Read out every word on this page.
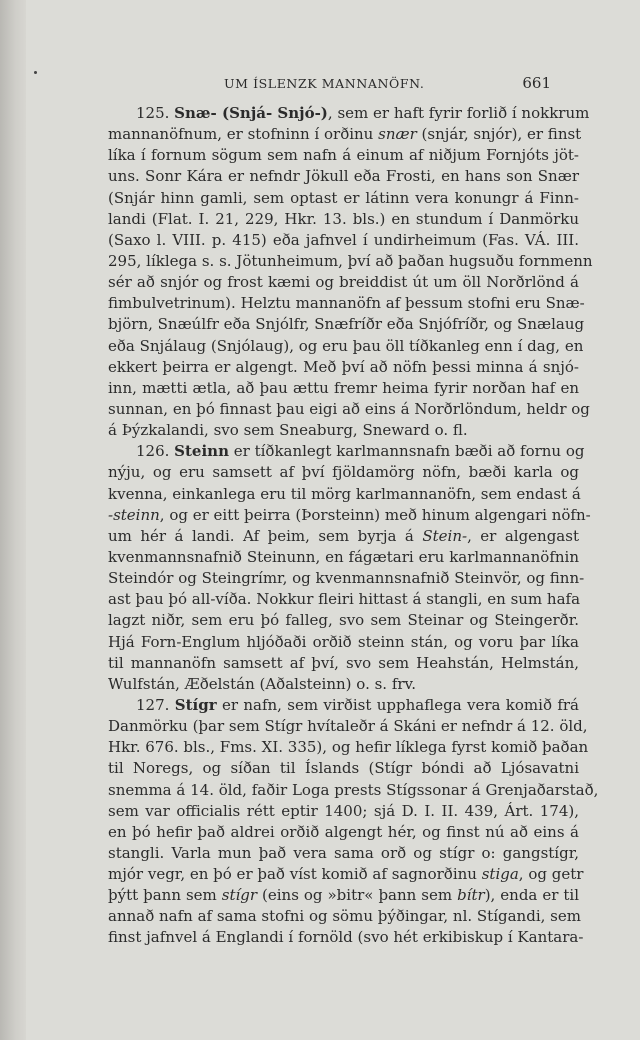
UM ÍSLENZK MANNANÖFN.	661
125. Snæ- (Snjá- Snjó-), sem er haft fyrir forlið í nokkrum
mannanöfnum, er stofninn í orðinu snær (snjár, snjór), er finst
líka í fornum sögum sem nafn á einum af niðjum Fornjóts jöt-
uns. Sonr Kára er nefndr Jökull eða Frosti, en hans son Snær
(Snjár hinn gamli, sem optast er látinn vera konungr á Finn-
landi (Flat. I. 21, 229, Hkr. 13. bls.) en stundum í Danmörku
(Saxo l. VIII. p. 415) eða jafnvel í undirheimum (Fas. VÁ. III.
295, líklega s. s. Jötunheimum, því að þaðan hugsuðu fornmenn
sér að snjór og frost kæmi og breiddist út um öll Norðrlönd á
fimbulvetrinum). Helztu mannanöfn af þessum stofni eru Snæ-
björn, Snæúlfr eða Snjólfr, Snæfríðr eða Snjófríðr, og Snælaug
eða Snjálaug (Snjólaug), og eru þau öll tíðkanleg enn í dag, en
ekkert þeirra er algengt. Með því að nöfn þessi minna á snjó-
inn, mætti ætla, að þau ættu fremr heima fyrir norðan haf en
sunnan, en þó finnast þau eigi að eins á Norðrlöndum, heldr og
á Þýzkalandi, svo sem Sneaburg, Sneward o. fl.
126. Steinn er tíðkanlegt karlmannsnafn bæði að fornu og
nýju, og eru samsett af því fjöldamörg nöfn, bæði karla og
kvenna, einkanlega eru til mörg karlmannanöfn, sem endast á
-steinn, og er eitt þeirra (Þorsteinn) með hinum algengari nöfn-
um hér á landi. Af þeim, sem byrja á Stein-, er algengast
kvenmannsnafnið Steinunn, en fágætari eru karlmannanöfnin
Steindór og Steingrímr, og kvenmannsnafnið Steinvör, og finn-
ast þau þó all-víða. Nokkur fleiri hittast á stangli, en sum hafa
lagzt niðr, sem eru þó falleg, svo sem Steinar og Steingerðr.
Hjá Forn-Englum hljóðaði orðið steinn stán, og voru þar líka
til mannanöfn samsett af því, svo sem Heahstán, Helmstán,
Wulfstán, Æðelstán (Aðalsteinn) o. s. frv.
127. Stígr er nafn, sem virðist upphaflega vera komið frá
Danmörku (þar sem Stígr hvítaleðr á Skáni er nefndr á 12. öld,
Hkr. 676. bls., Fms. XI. 335), og hefir líklega fyrst komið þaðan
til Noregs, og síðan til Íslands (Stígr bóndi að Ljósavatni
snemma á 14. öld, faðir Loga prests Stígssonar á Grenjaðarstað,
sem var officialis rétt eptir 1400; sjá D. I. II. 439, Árt. 174),
en þó hefir það aldrei orðið algengt hér, og finst nú að eins á
stangli. Varla mun það vera sama orð og stígr o: gangstígr,
mjór vegr, en þó er það víst komið af sagnorðinu stiga, og getr
þýtt þann sem stígr (eins og »bitr« þann sem bítr), enda er til
annað nafn af sama stofni og sömu þýðingar, nl. Stígandi, sem
finst jafnvel á Englandi í fornöld (svo hét erkibiskup í Kantara-
